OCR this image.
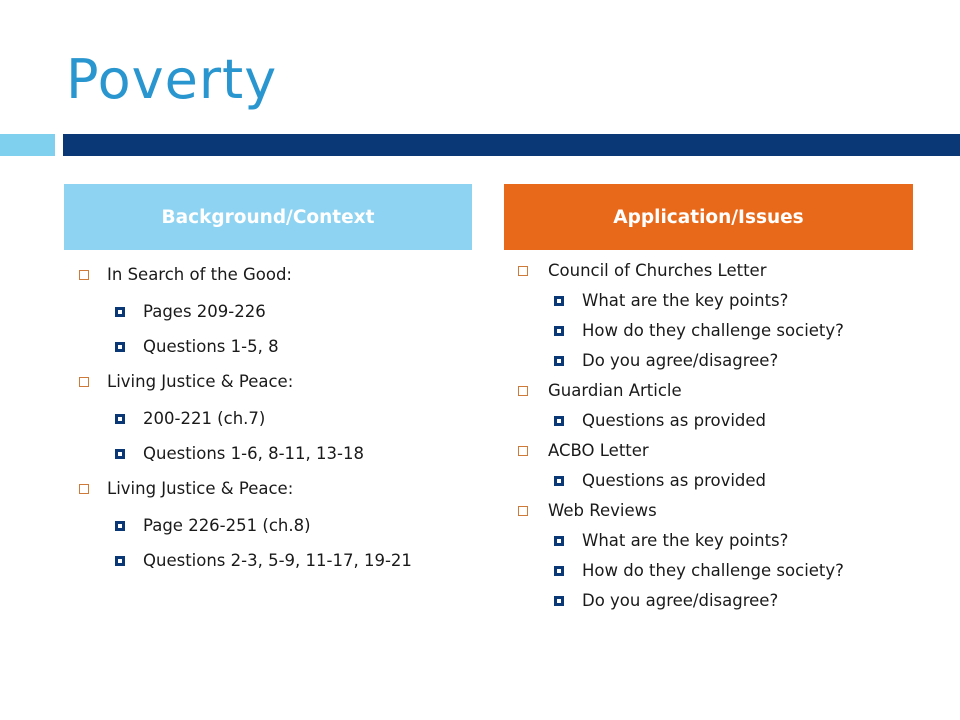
Poverty
Background/Context	Application/Issues
In Search of the Good:
Pages 209-226
Questions 1-5, 8
Living Justice & Peace:
200-221 (ch.7)
Questions 1-6, 8-11, 13-18
Living Justice & Peace:
Page 226-251 (ch.8)
Questions 2-3, 5-9, 11-17, 19-21
Council of Churches Letter
What are the key points?
How do they challenge society?
Do you agree/disagree?
Guardian Article
Questions as provided
ACBO Letter
Questions as provided
Web Reviews
What are the key points?
How do they challenge society?
Do you agree/disagree?
